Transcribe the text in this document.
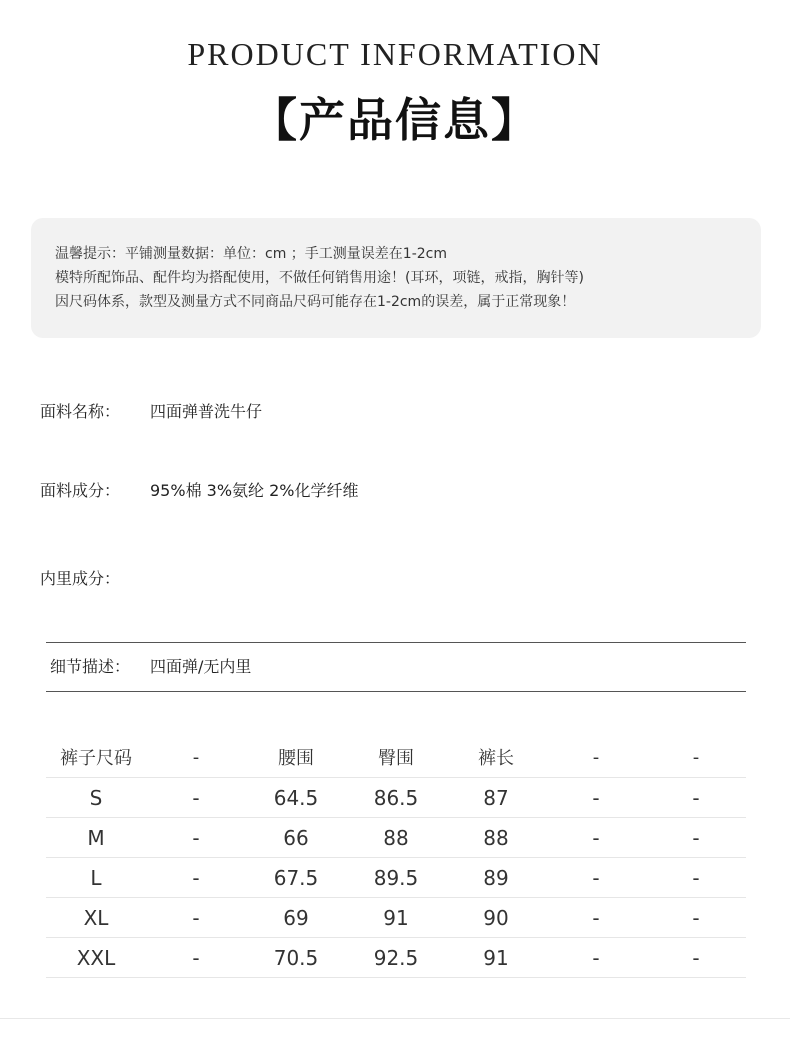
PRODUCT INFORMATION
【产品信息】
温馨提示：平铺测量数据：单位：cm ；手工测量误差在1-2cm
模特所配饰品、配件均为搭配使用，不做任何销售用途！(耳环，项链，戒指，胸针等)
因尺码体系，款型及测量方式不同商品尺码可能存在1-2cm的误差，属于正常现象！
面料名称： 四面弹普洗牛仔
面料成分： 95%棉 3%氨纶 2%化学纤维
内里成分：
细节描述： 四面弹/无内里
裤子尺码	-	腰围	臀围	裤长	-	-
S	-	64.5	86.5	87	-	-
M	-	66	88	88	-	-
L	-	67.5	89.5	89	-	-
XL	-	69	91	90	-	-
XXL	-	70.5	92.5	91	-	-
